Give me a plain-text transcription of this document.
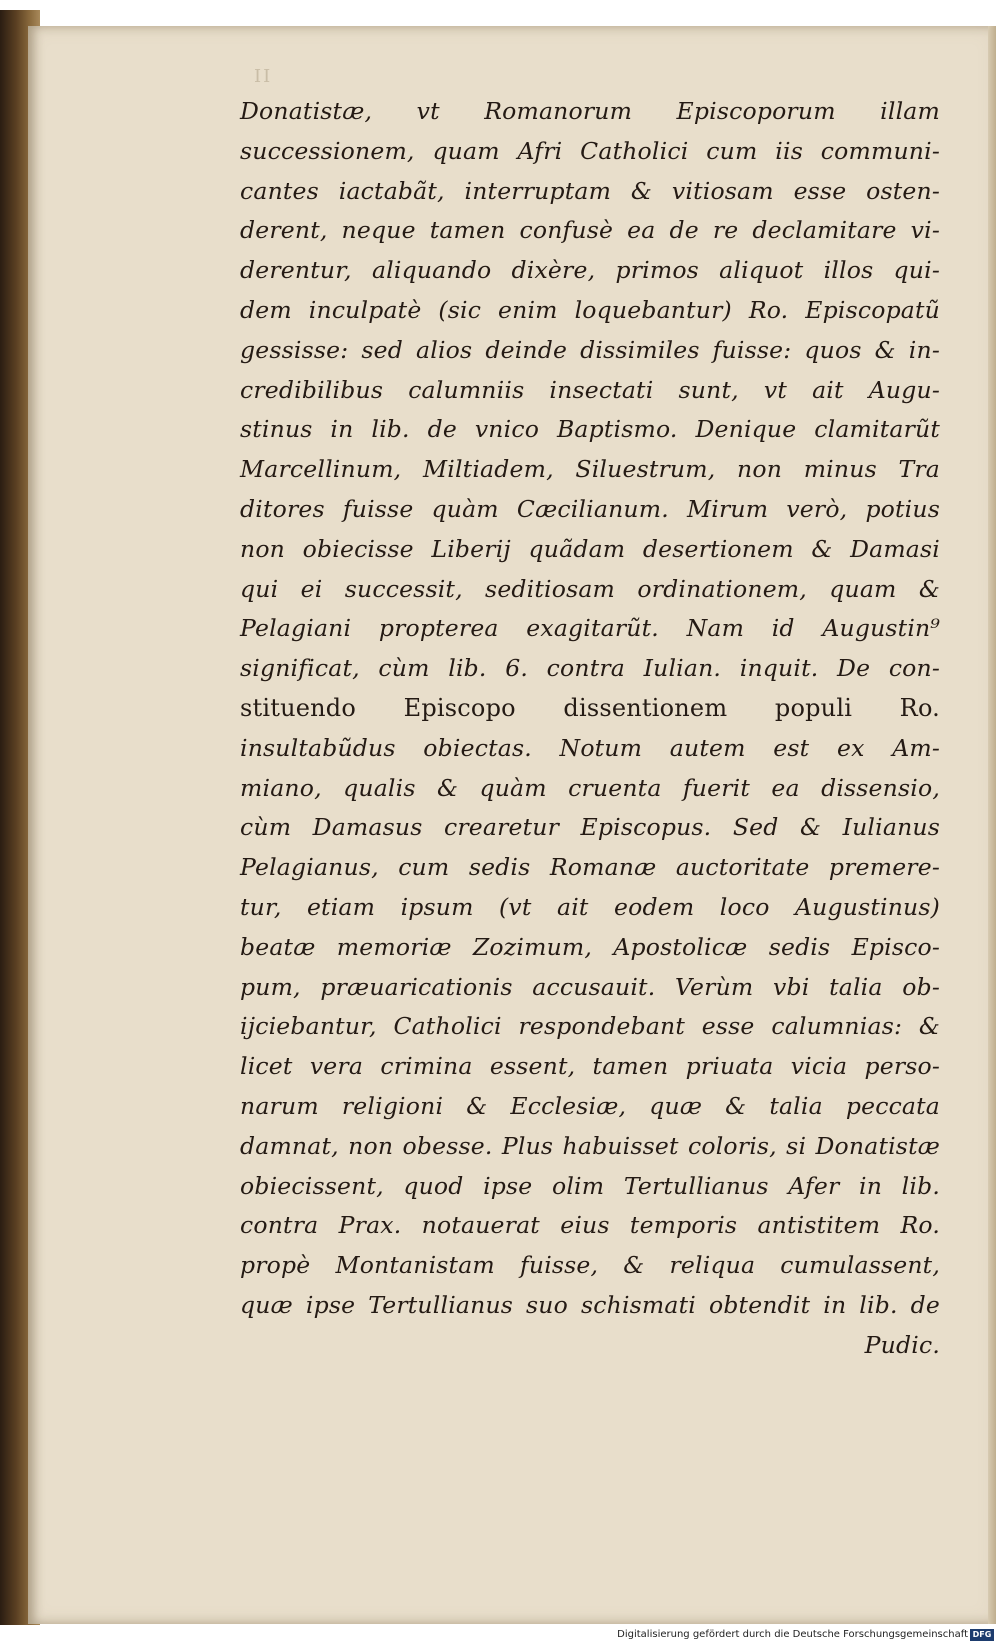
II
Donatistæ, vt Romanorum Episcoporum illam
successionem, quam Afri Catholici cum iis communi-
cantes iactabãt, interruptam & vitiosam esse osten-
derent, neque tamen confusè ea de re declamitare vi-
derentur, aliquando dixère, primos aliquot illos qui-
dem inculpatè (sic enim loquebantur) Ro. Episcopatũ
gessisse: sed alios deinde dissimiles fuisse: quos & in-
credibilibus calumniis insectati sunt, vt ait Augu-
stinus in lib. de vnico Baptismo. Denique clamitarũt
Marcellinum, Miltiadem, Siluestrum, non minus Tra
ditores fuisse quàm Cæcilianum. Mirum verò, potius
non obiecisse Liberij quãdam desertionem & Damasi
qui ei successit, seditiosam ordinationem, quam &
Pelagiani propterea exagitarũt. Nam id Augustin⁹
significat, cùm lib. 6. contra Iulian. inquit. De con-
stituendo Episcopo dissentionem populi Ro.
insultabũdus obiectas. Notum autem est ex Am-
miano, qualis & quàm cruenta fuerit ea dissensio,
cùm Damasus crearetur Episcopus. Sed & Iulianus
Pelagianus, cum sedis Romanæ auctoritate premere-
tur, etiam ipsum (vt ait eodem loco Augustinus)
beatæ memoriæ Zozimum, Apostolicæ sedis Episco-
pum, præuaricationis accusauit. Verùm vbi talia ob-
ijciebantur, Catholici respondebant esse calumnias: &
licet vera crimina essent, tamen priuata vicia perso-
narum religioni & Ecclesiæ, quæ & talia peccata
damnat, non obesse. Plus habuisset coloris, si Donatistæ
obiecissent, quod ipse olim Tertullianus Afer in lib.
contra Prax. notauerat eius temporis antistitem Ro.
propè Montanistam fuisse, & reliqua cumulassent,
quæ ipse Tertullianus suo schismati obtendit in lib. de
Pudic.
Digitalisierung gefördert durch die Deutsche Forschungsgemeinschaft DFG
